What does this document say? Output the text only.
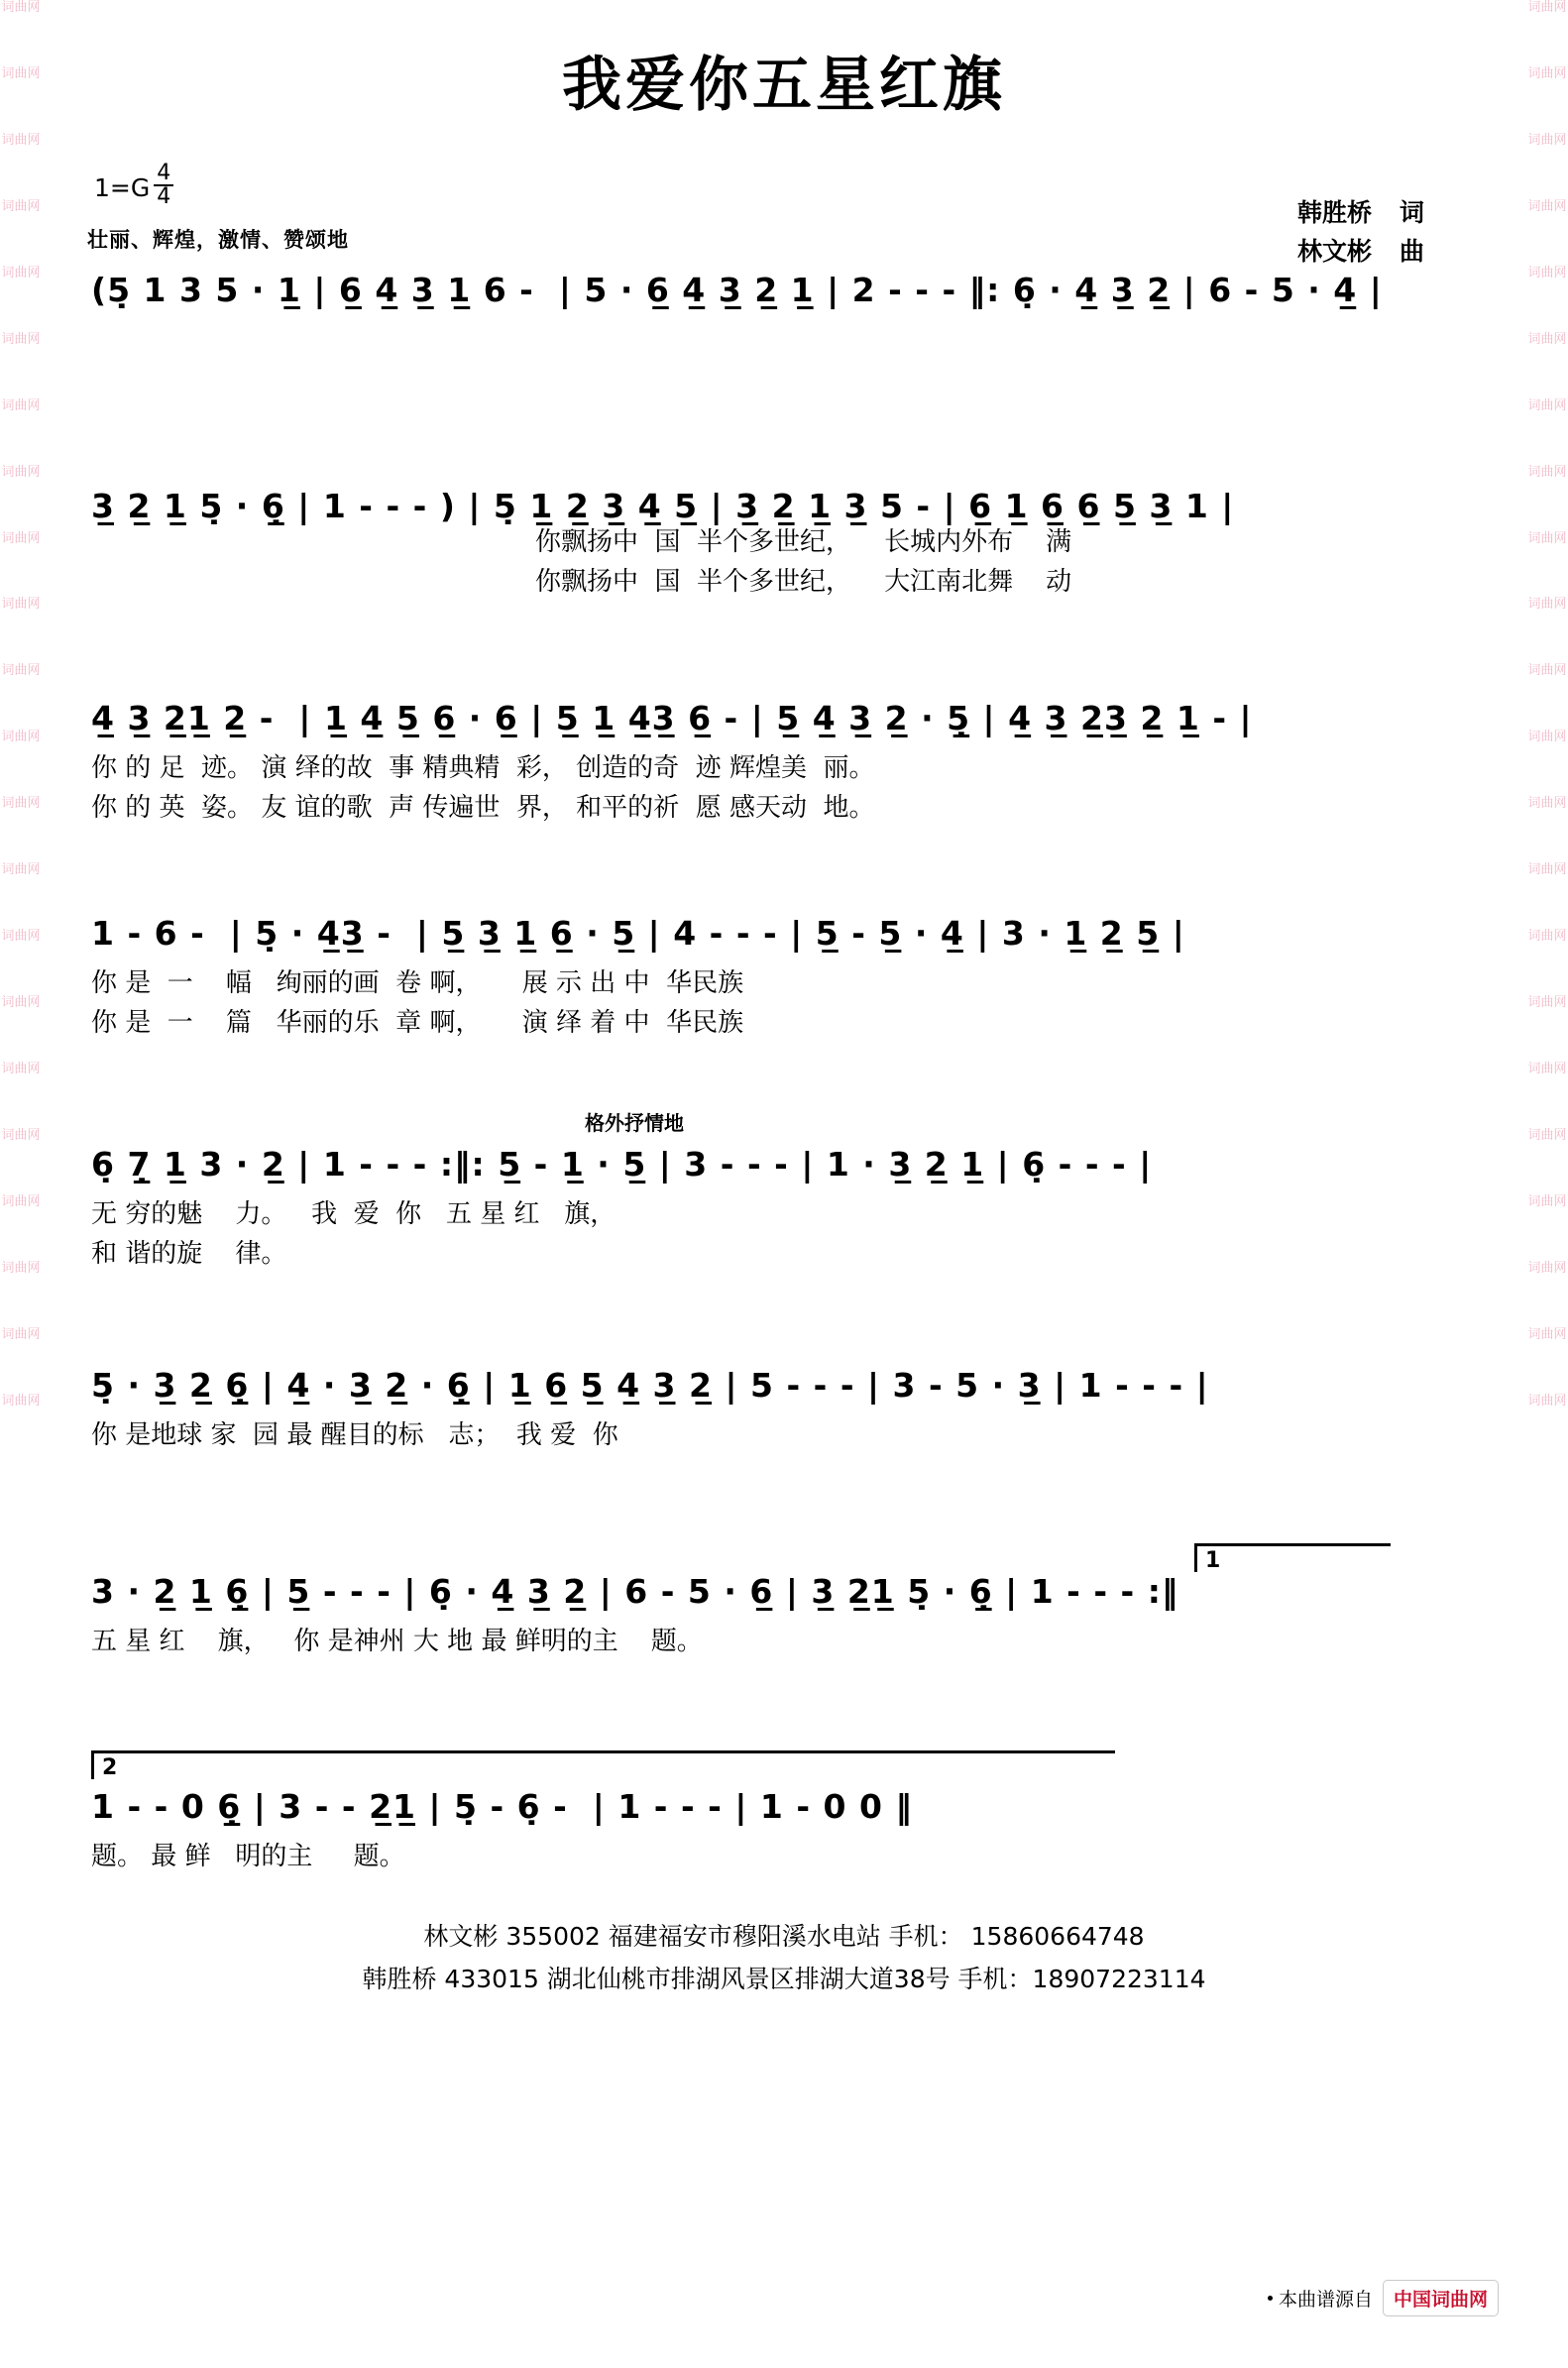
词曲网
词曲网
词曲网
词曲网
词曲网
词曲网
词曲网
词曲网
词曲网
词曲网
词曲网
词曲网
词曲网
词曲网
词曲网
词曲网
词曲网
词曲网
词曲网
词曲网
词曲网
词曲网
词曲网
词曲网
词曲网
词曲网
词曲网
词曲网
词曲网
词曲网
词曲网
词曲网
词曲网
词曲网
词曲网
词曲网
词曲网
词曲网
词曲网
词曲网
词曲网
词曲网
词曲网
词曲网
我爱你五星红旗
$1=G \frac{4}{4}$
壮丽、辉煌，激情、赞颂地
韩胜桥 词
林文彬 曲
(5̣ 1 3 5 · 1̲ | 6̲ 4̲ 3̲ 1̲ 6 -  | 5 · 6̲ 4̲ 3̲ 2̲ 1̲ | 2 - - - ‖: 6̣ · 4̲ 3̲ 2̲ | 6 - 5 · 4̲ |
3̲ 2̲ 1̲ 5̣ · 6̣̲ | 1 - - - ) | 5̣ 1̲ 2̲ 3̲ 4̲ 5̲ | 3̲ 2̲ 1̲ 3̲ 5 - | 6̲ 1̲ 6̲ 6̲ 5̲ 3̲ 1 |
你飘扬中  国  半个多世纪，    长城内外布    满
你飘扬中  国  半个多世纪，    大江南北舞    动
4̲ 3̲ 2̲1̲ 2̲ -  | 1̲ 4̲ 5̲ 6̲ · 6̲ | 5̲ 1̲ 4̲3̲ 6̲ - | 5̲ 4̲ 3̲ 2̲ · 5̣̲ | 4̲ 3̲ 2̲3̲ 2̲ 1̲ - |
你 的 足  迹。 演 绎的故  事 精典精  彩， 创造的奇  迹 辉煌美  丽。
你 的 英  姿。 友 谊的歌  声 传遍世  界， 和平的祈  愿 感天动  地。
1 - 6 -  | 5̣ · 4̲3̲ -  | 5̲ 3̲ 1̲ 6̲ · 5̲ | 4 - - - | 5̲ - 5̲ · 4̲ | 3 · 1̲ 2̲ 5̲ |
你 是  一    幅   绚丽的画  卷 啊，     展 示 出 中  华民族
你 是  一    篇   华丽的乐  章 啊，     演 绎 着 中  华民族
格外抒情地
6̣ 7̣̲ 1̲ 3 · 2̲ | 1 - - - :‖: 5̲ - 1̲ · 5̲ | 3 - - - | 1 · 3̲ 2̲ 1̲ | 6̣ - - - |
无 穷的魅    力。   我  爱  你   五 星 红   旗，
和 谐的旋    律。
5̣ · 3̲ 2̲ 6̣̲ | 4̲ · 3̲ 2̲ · 6̣̲ | 1̲ 6̲ 5̲ 4̲ 3̲ 2̲ | 5 - - - | 3 - 5 · 3̲ | 1 - - - |
你 是地球 家  园 最 醒目的标   志；  我 爱  你
1
3 · 2̲ 1̲ 6̣̲ | 5̲ - - - | 6̣ · 4̲ 3̲ 2̲ | 6 - 5 · 6̲ | 3̲ 2̲1̲ 5̣ · 6̣̲ | 1 - - - :‖
五 星 红    旗，   你 是神州 大 地 最 鲜明的主    题。
2
1 - - 0 6̣̲ | 3 - - 2̲1̲ | 5̣ - 6̣ -  | 1 - - - | 1 - 0 0 ‖
题。 最 鲜   明的主     题。
林文彬 355002 福建福安市穆阳溪水电站 手机： 15860664748
韩胜桥 433015 湖北仙桃市排湖风景区排湖大道38号 手机：18907223114
本曲谱源自	中国词曲网
